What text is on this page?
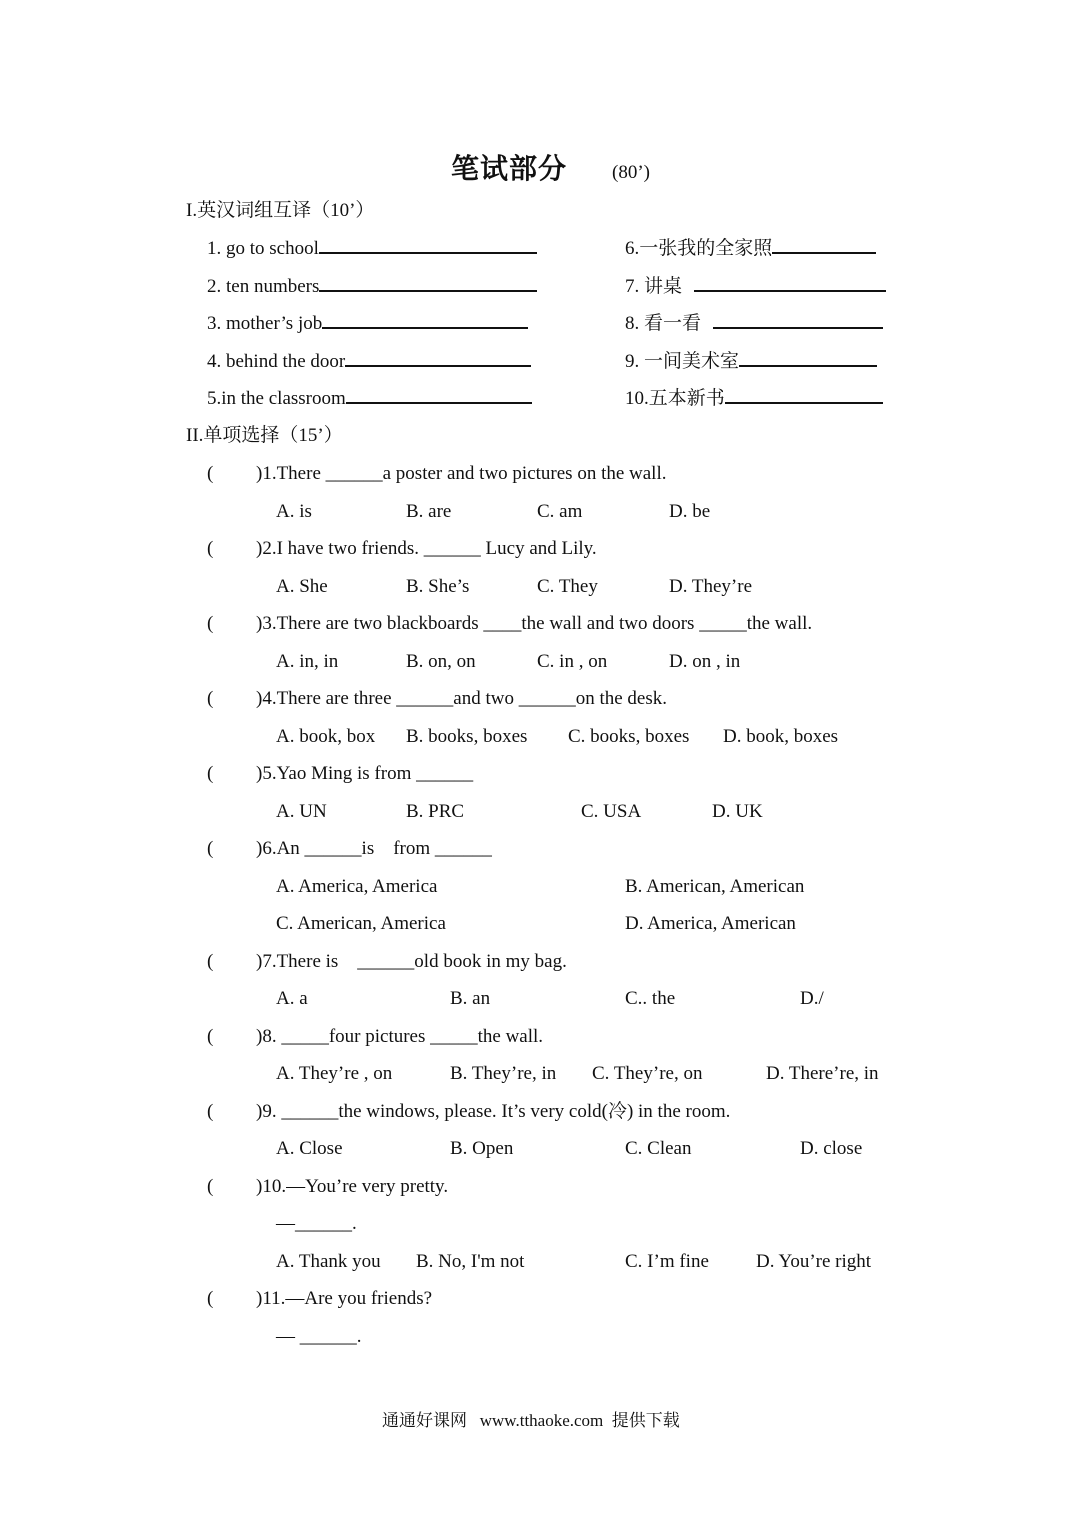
笔试部分 (80’)
I.英汉词组互译（10’）
1. go to school
2. ten numbers
3. mother’s job
4. behind the door
5.in the classroom
6.一张我的全家照
7. 讲桌
8. 看一看
9. 一间美术室
10.五本新书
II.单项选择（15’）
( )1.There ______a poster and two pictures on the wall.
A. is	B. are	C. am	D. be
( )2.I have two friends. ______ Lucy and Lily.
A. She	B. She’s	C. They	D. They’re
( )3.There are two blackboards ____the wall and two doors _____the wall.
A. in, in	B. on, on	C. in , on	D. on , in
( )4.There are three ______and two ______on the desk.
A. book, box B. books, boxes C. books, boxes D. book, boxes
( )5.Yao Ming is from ______
A. UN	B. PRC	C. USA	D. UK
( )6.An ______is    from ______
A. America, America	B. American, American
C. American, America	D. America, American
( )7.There is    ______old book in my bag.
A. a	B. an	C.. the	D./
( )8. _____four pictures _____the wall.
A. They’re , on	B. They’re, in C. They’re, on	D. There’re, in
( )9. ______the windows, please. It’s very cold(冷) in the room.
A. Close	B. Open	C. Clean	D. close
( )10.—You’re very pretty.
—______.
A. Thank you B. No, I'm not	C. I’m fine D. You’re right
( )11.—Are you friends?
— ______.
通通好课网   www.tthaoke.com  提供下载
